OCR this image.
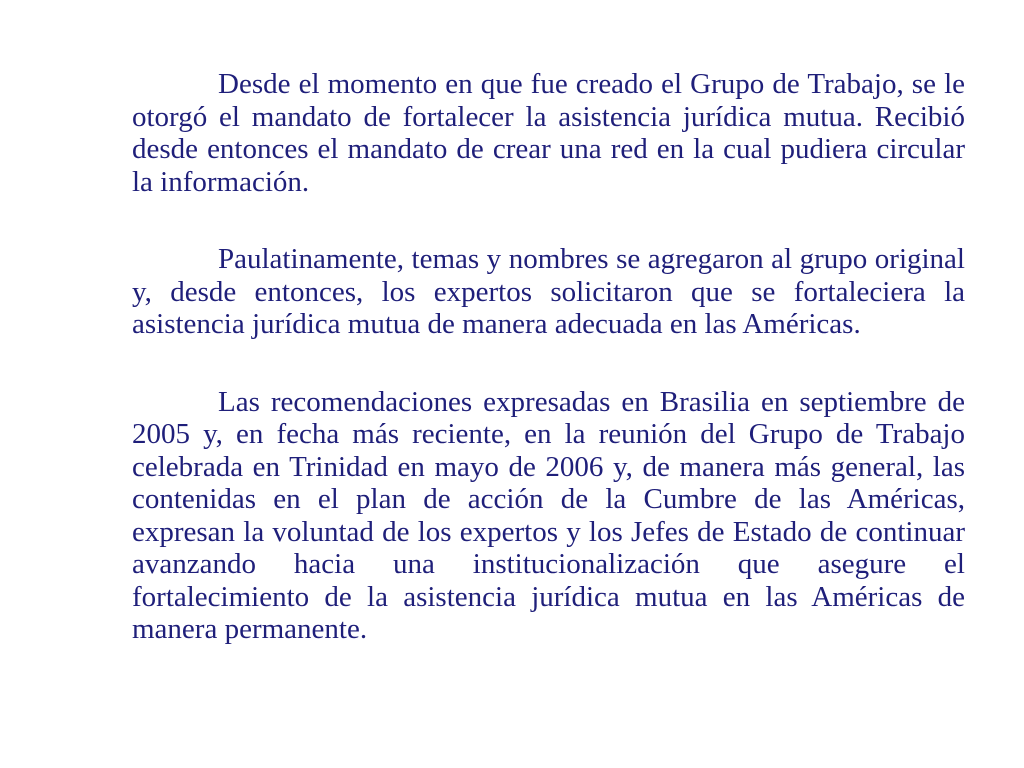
Desde el momento en que fue creado el Grupo de Trabajo, se le otorgó el mandato de fortalecer la asistencia jurídica mutua. Recibió desde entonces el mandato de crear una red en la cual pudiera circular la información.

Paulatinamente, temas y nombres se agregaron al grupo original y, desde entonces, los expertos solicitaron que se fortaleciera la asistencia jurídica mutua de manera adecuada en las Américas.

Las recomendaciones expresadas en Brasilia en septiembre de 2005 y, en fecha más reciente, en la reunión del Grupo de Trabajo celebrada en Trinidad en mayo de 2006 y, de manera más general, las contenidas en el plan de acción de la Cumbre de las Américas, expresan la voluntad de los expertos y los Jefes de Estado de continuar avanzando hacia una institucionalización que asegure el fortalecimiento de la asistencia jurídica mutua en las Américas de manera permanente.
